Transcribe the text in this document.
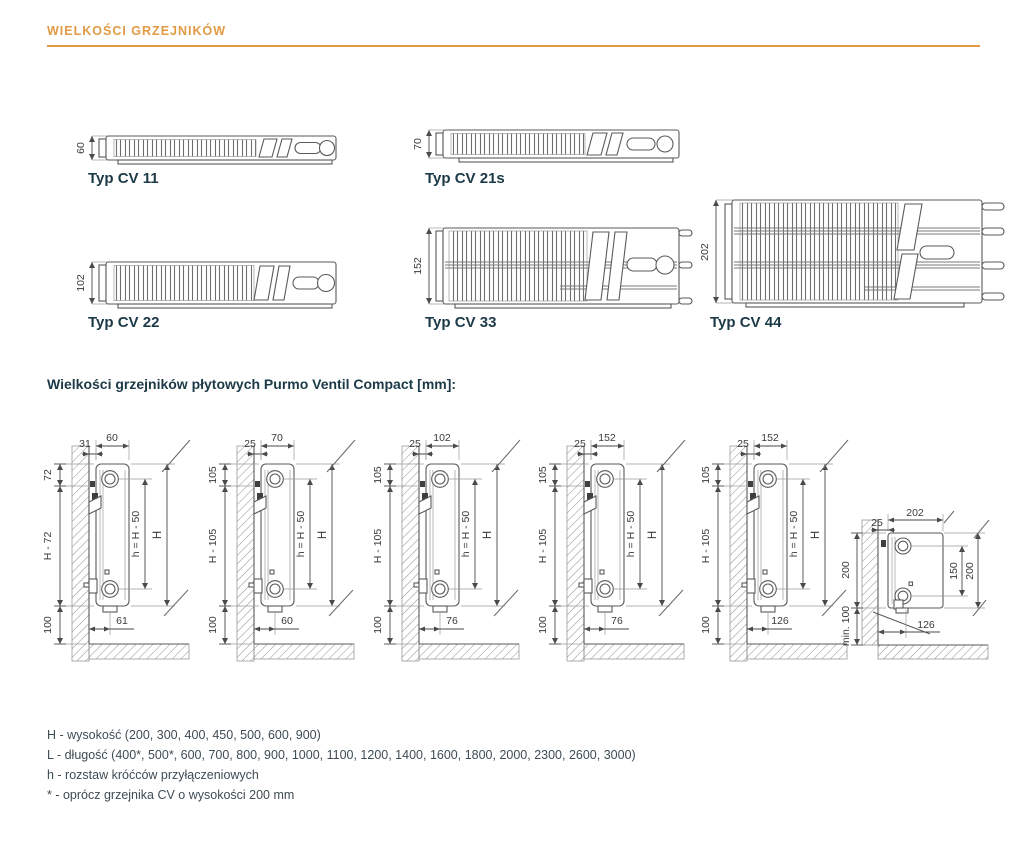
WIELKOŚCI GRZEJNIKÓW
60
Typ CV 11
70
Typ CV 21s
102
Typ CV 22
152
Typ CV 33
202
Typ CV 44
Wielkości grzejników płytowych Purmo Ventil Compact [mm]:
31 60
72
H - 72
100
h = H - 50 H
61
25 70
105
H - 105
100
h = H - 50 H
60
25 102
105
H - 105
100
h = H - 50 H
76
25 152
105
H - 105
100
h = H - 50 H
76
25 152
105
H - 105
100
h = H - 50 H
126
25
202
200
min. 100
150 200
126
H - wysokość (200, 300, 400, 450, 500, 600, 900)
L - długość (400*, 500*, 600, 700, 800, 900, 1000, 1100, 1200, 1400, 1600, 1800, 2000, 2300, 2600, 3000)
h - rozstaw króćców przyłączeniowych
* - oprócz grzejnika CV o wysokości 200 mm
